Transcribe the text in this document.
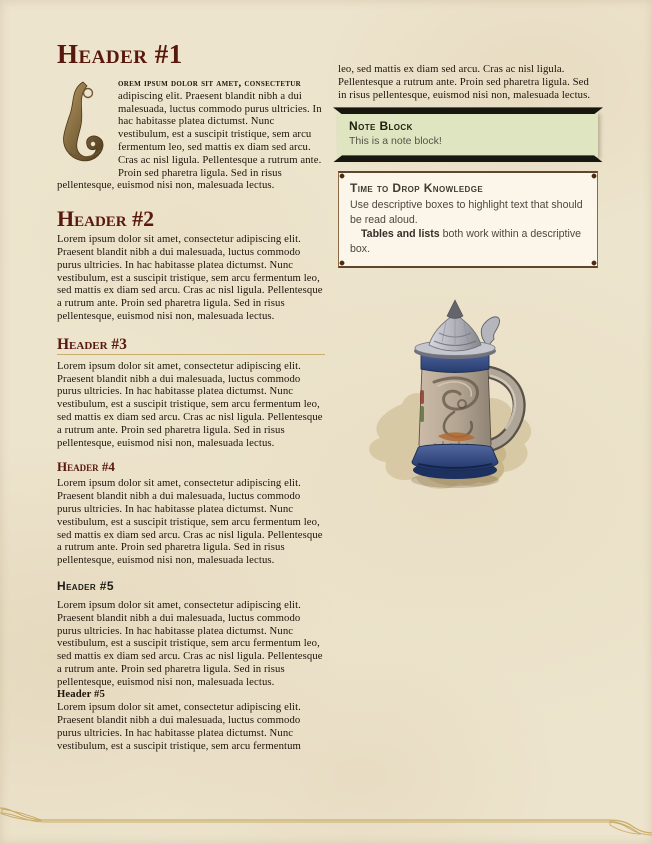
Header #1

orem ipsum dolor sit amet, consectetur adipiscing elit. Praesent blandit nibh a dui malesuada, luctus commodo purus ultricies. In hac habitasse platea dictumst. Nunc vestibulum, est a suscipit tristique, sem arcu fermentum leo, sed mattis ex diam sed arcu. Cras ac nisl ligula. Pellentesque a rutrum ante. Proin sed pharetra ligula. Sed in risus pellentesque, euismod nisi non, malesuada lectus.

Header #2

Lorem ipsum dolor sit amet, consectetur adipiscing elit. Praesent blandit nibh a dui malesuada, luctus commodo purus ultricies. In hac habitasse platea dictumst. Nunc vestibulum, est a suscipit tristique, sem arcu fermentum leo, sed mattis ex diam sed arcu. Cras ac nisl ligula. Pellentesque a rutrum ante. Proin sed pharetra ligula. Sed in risus pellentesque, euismod nisi non, malesuada lectus.

Header #3

Lorem ipsum dolor sit amet, consectetur adipiscing elit. Praesent blandit nibh a dui malesuada, luctus commodo purus ultricies. In hac habitasse platea dictumst. Nunc vestibulum, est a suscipit tristique, sem arcu fermentum leo, sed mattis ex diam sed arcu. Cras ac nisl ligula. Pellentesque a rutrum ante. Proin sed pharetra ligula. Sed in risus pellentesque, euismod nisi non, malesuada lectus.

Header #4

Lorem ipsum dolor sit amet, consectetur adipiscing elit. Praesent blandit nibh a dui malesuada, luctus commodo purus ultricies. In hac habitasse platea dictumst. Nunc vestibulum, est a suscipit tristique, sem arcu fermentum leo, sed mattis ex diam sed arcu. Cras ac nisl ligula. Pellentesque a rutrum ante. Proin sed pharetra ligula. Sed in risus pellentesque, euismod nisi non, malesuada lectus.

Header #5

Lorem ipsum dolor sit amet, consectetur adipiscing elit. Praesent blandit nibh a dui malesuada, luctus commodo purus ultricies. In hac habitasse platea dictumst. Nunc vestibulum, est a suscipit tristique, sem arcu fermentum leo, sed mattis ex diam sed arcu. Cras ac nisl ligula. Pellentesque a rutrum ante. Proin sed pharetra ligula. Sed in risus pellentesque, euismod nisi non, malesuada lectus.

Header #5

Lorem ipsum dolor sit amet, consectetur adipiscing elit. Praesent blandit nibh a dui malesuada, luctus commodo purus ultricies. In hac habitasse platea dictumst. Nunc vestibulum, est a suscipit tristique, sem arcu fermentum

leo, sed mattis ex diam sed arcu. Cras ac nisl ligula. Pellentesque a rutrum ante. Proin sed pharetra ligula. Sed in risus pellentesque, euismod nisi non, malesuada lectus.

Note Block

This is a note block!

Time to Drop Knowledge

Use descriptive boxes to highlight text that should be read aloud.

Tables and lists both work within a descriptive box.
